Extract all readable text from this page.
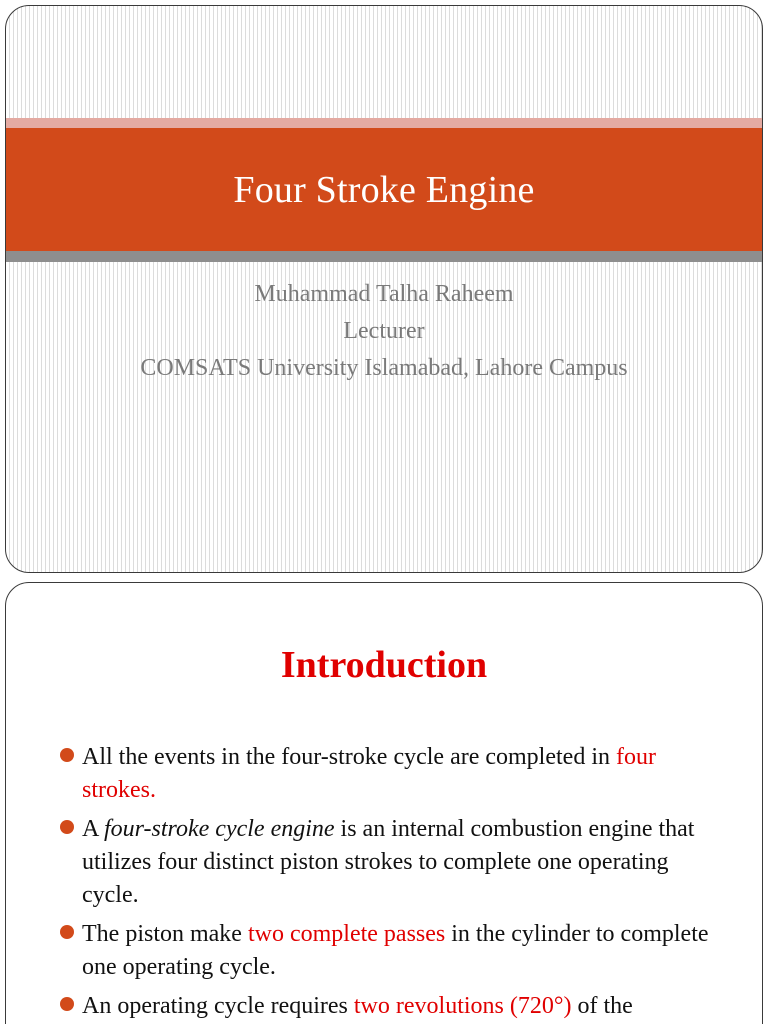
Four Stroke Engine
Muhammad Talha Raheem
Lecturer
COMSATS University Islamabad, Lahore Campus
Introduction
All the events in the four-stroke cycle are completed in four strokes.
A four-stroke cycle engine is an internal combustion engine that utilizes four distinct piston strokes to complete one operating cycle.
The piston make two complete passes in the cylinder to complete one operating cycle.
An operating cycle requires two revolutions (720°) of the
